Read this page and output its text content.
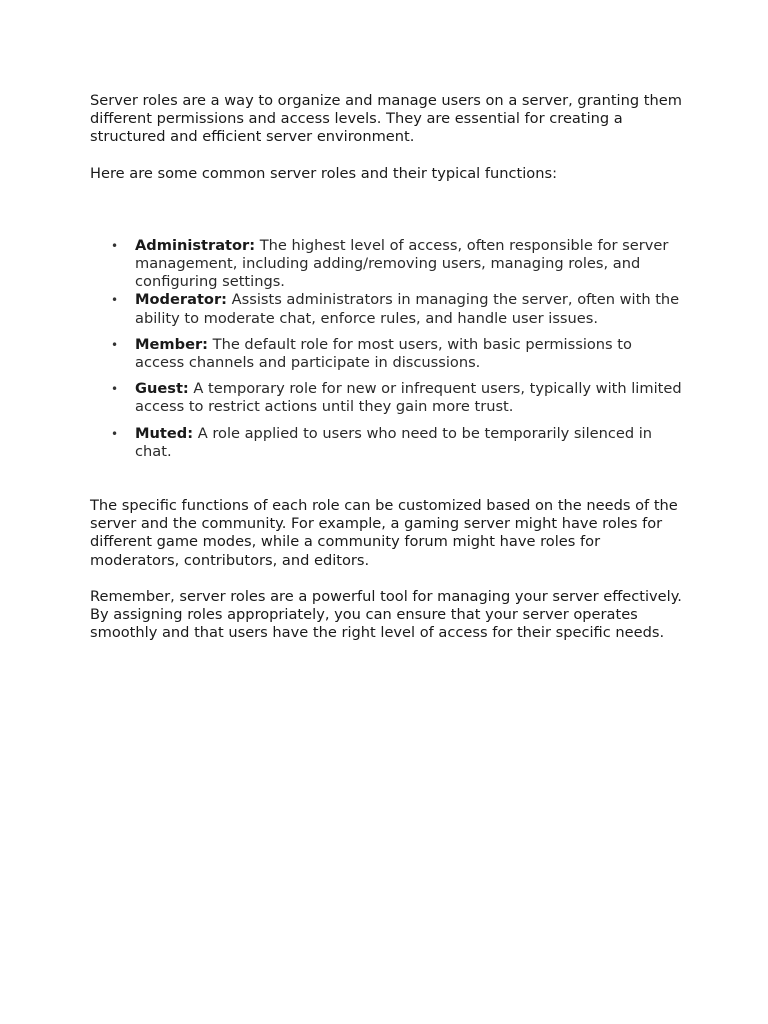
Server roles are a way to organize and manage users on a server, granting them different permissions and access levels. They are essential for creating a structured and efficient server environment.

Here are some common server roles and their typical functions:

• Administrator: The highest level of access, often responsible for server management, including adding/removing users, managing roles, and configuring settings.
• Moderator: Assists administrators in managing the server, often with the ability to moderate chat, enforce rules, and handle user issues.
• Member: The default role for most users, with basic permissions to access channels and participate in discussions.
• Guest: A temporary role for new or infrequent users, typically with limited access to restrict actions until they gain more trust.
• Muted: A role applied to users who need to be temporarily silenced in chat.

The specific functions of each role can be customized based on the needs of the server and the community. For example, a gaming server might have roles for different game modes, while a community forum might have roles for moderators, contributors, and editors.

Remember, server roles are a powerful tool for managing your server effectively. By assigning roles appropriately, you can ensure that your server operates smoothly and that users have the right level of access for their specific needs.
